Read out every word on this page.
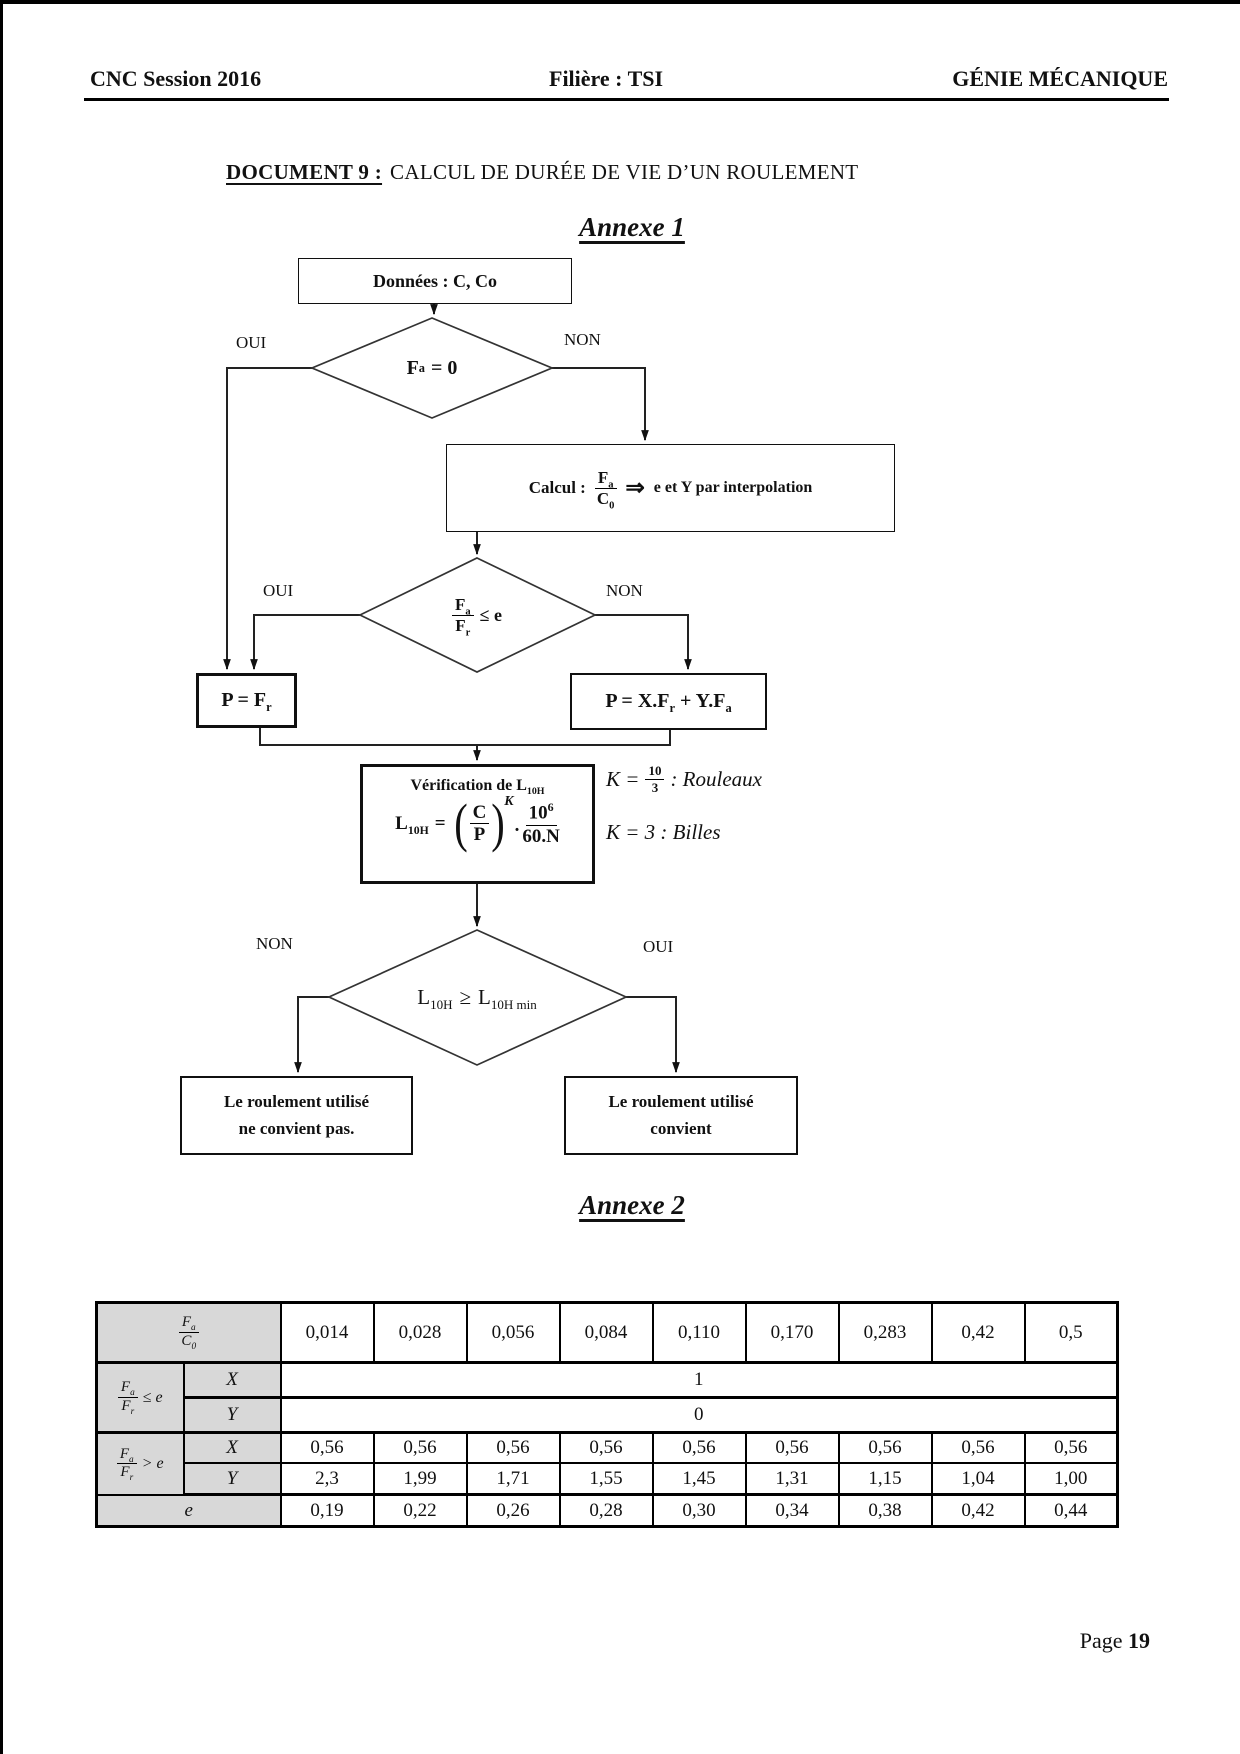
CNC Session 2016	Filière : TSI	GÉNIE MÉCANIQUE
DOCUMENT 9 : CALCUL DE DURÉE DE VIE D’UN ROULEMENT
Annexe 1
Données : C, Co
F a = 0
OUI	NON
Calcul : $\frac{F_a}{C_0}$ ⇒ e et Y par interpolation
$\frac{F_a}{F_r} \le e$
OUI	NON
$P = F_r$	$P = X.F_r + Y.F_a$
Vérification de $L_{10H}$
$L_{10H}$ = ( $\frac{C}{P}$ ) K
. $\frac{10^6}{60.N}$
$K = \frac{10}{3}$ : Rouleaux
K = 3 : Billes
$L_{10H} \ge L_{10H min}$
NON	OUI
Le roulement utilisé
ne convient pas.
Le roulement utilisé
convient
Annexe 2
$\frac{F_a}{C_0}$		0,014	0,028	0,056	0,084	0,110	0,170	0,283	0,42	0,5

$\frac{F_a}{F_r} \le e$	X	1								
	Y	0								

$\frac{F_a}{F_r} > e$	X	0,56	0,56	0,56	0,56	0,56	0,56	0,56	0,56	0,56
	Y	2,3	1,99	1,71	1,55	1,45	1,31	1,15	1,04	1,00
e		0,19	0,22	0,26	0,28	0,30	0,34	0,38	0,42	0,44
Page 19
